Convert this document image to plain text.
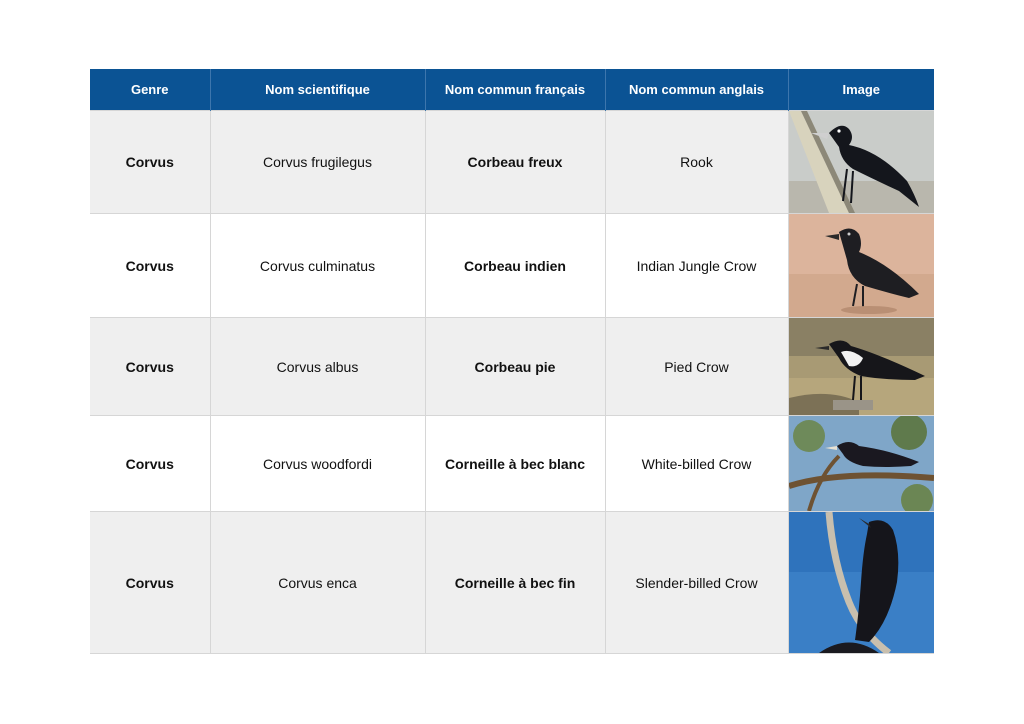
Genre	Nom scientifique	Nom commun français	Nom commun anglais	Image
Corvus	Corvus frugilegus	Corbeau freux	Rook	

Corvus	Corvus culminatus	Corbeau indien	Indian Jungle Crow	

Corvus	Corvus albus	Corbeau pie	Pied Crow	

Corvus	Corvus woodfordi	Corneille à bec blanc	White-billed Crow	

Corvus	Corvus enca	Corneille à bec fin	Slender-billed Crow	
